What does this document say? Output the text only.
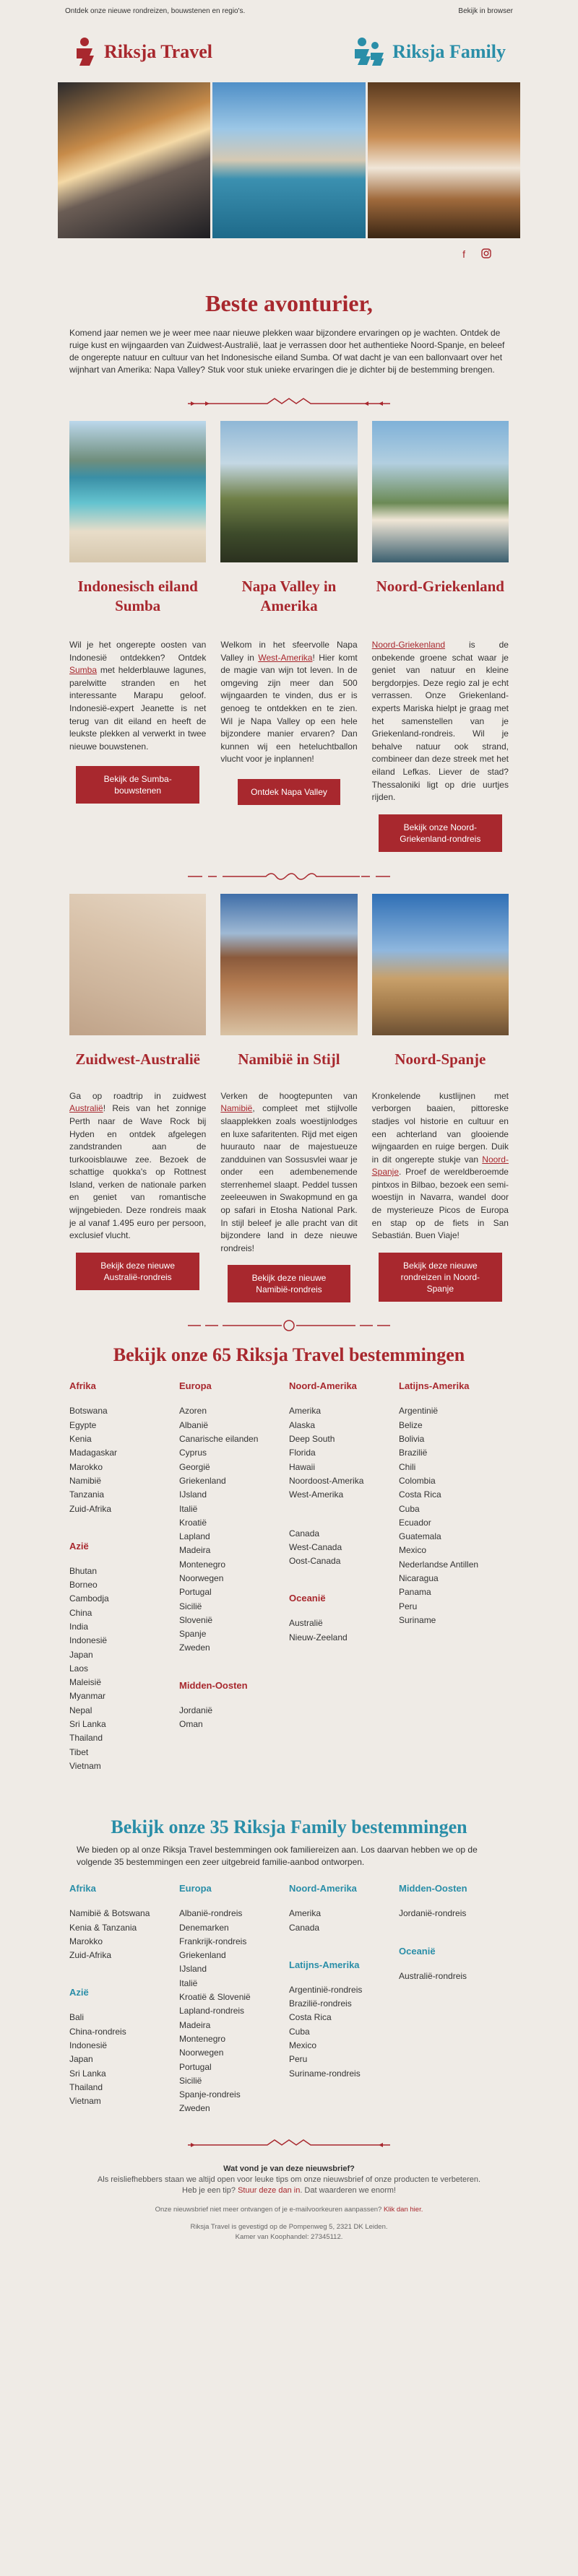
Ontdek onze nieuwe rondreizen, bouwstenen en regio's.	Bekijk in browser
Riksja Travel	Riksja Family
f
Beste avonturier,

Komend jaar nemen we je weer mee naar nieuwe plekken waar bijzondere ervaringen op je wachten. Ontdek de ruige kust en wijngaarden van Zuidwest-Australië, laat je verrassen door het authentieke Noord-Spanje, en beleef de ongerepte natuur en cultuur van het Indonesische eiland Sumba. Of wat dacht je van een ballonvaart over het wijnhart van Amerika: Napa Valley? Stuk voor stuk unieke ervaringen die je dichter bij de bestemming brengen.

Indonesisch eiland Sumba

Wil je het ongerepte oosten van Indonesië ontdekken? Ontdek Sumba met helderblauwe lagunes, parelwitte stranden en het interessante Marapu geloof. Indonesië-expert Jeanette is net terug van dit eiland en heeft de leukste plekken al verwerkt in twee nieuwe bouwstenen.

Bekijk de Sumba-bouwstenen
Napa Valley in Amerika

Welkom in het sfeervolle Napa Valley in West-Amerika! Hier komt de magie van wijn tot leven. In de omgeving zijn meer dan 500 wijngaarden te vinden, dus er is genoeg te ontdekken en te zien. Wil je Napa Valley op een hele bijzondere manier ervaren? Dan kunnen wij een heteluchtballon vlucht voor je inplannen!

Ontdek Napa Valley
Noord-Griekenland

Noord-Griekenland is de onbekende groene schat waar je geniet van natuur en kleine bergdorpjes. Deze regio zal je echt verrassen. Onze Griekenland-experts Mariska hielpt je graag met het samenstellen van je Griekenland-rondreis. Wil je behalve natuur ook strand, combineer dan deze streek met het eiland Lefkas. Liever de stad? Thessaloniki ligt op drie uurtjes rijden.

Bekijk onze Noord-Griekenland-rondreis
Zuidwest-Australië

Ga op roadtrip in zuidwest Australië! Reis van het zonnige Perth naar de Wave Rock bij Hyden en ontdek afgelegen zandstranden aan de turkooisblauwe zee. Bezoek de schattige quokka's op Rottnest Island, verken de nationale parken en geniet van romantische wijngebieden. Deze rondreis maak je al vanaf 1.495 euro per persoon, exclusief vlucht.

Bekijk deze nieuwe Australië-rondreis
Namibië in Stijl

Verken de hoogtepunten van Namibië, compleet met stijlvolle slaapplekken zoals woestijnlodges en luxe safaritenten. Rijd met eigen huurauto naar de majestueuze zandduinen van Sossusvlei waar je onder een adembenemende sterrenhemel slaapt. Peddel tussen zeeleeuwen in Swakopmund en ga op safari in Etosha National Park. In stijl beleef je alle pracht van dit bijzondere land in deze nieuwe rondreis!

Bekijk deze nieuwe Namibië-rondreis
Noord-Spanje

Kronkelende kustlijnen met verborgen baaien, pittoreske stadjes vol historie en cultuur en een achterland van glooiende wijngaarden en ruige bergen. Duik in dit ongerepte stukje van Noord-Spanje. Proef de wereldberoemde pintxos in Bilbao, bezoek een semi-woestijn in Navarra, wandel door de mysterieuze Picos de Europa en stap op de fiets in San Sebastián. Buen Viaje!

Bekijk deze nieuwe rondreizen in Noord-Spanje
Bekijk onze 65 Riksja Travel bestemmingen
Afrika
Botswana
Egypte
Kenia
Madagaskar
Marokko
Namibië
Tanzania
Zuid-Afrika
Azië
Bhutan
Borneo
Cambodja
China
India
Indonesië
Japan
Laos
Maleisië
Myanmar
Nepal
Sri Lanka
Thailand
Tibet
Vietnam
Europa
Azoren
Albanië
Canarische eilanden
Cyprus
Georgië
Griekenland
IJsland
Italië
Kroatië
Lapland
Madeira
Montenegro
Noorwegen
Portugal
Sicilië
Slovenië
Spanje
Zweden
Midden-Oosten
Jordanië
Oman
Noord-Amerika
Amerika
Alaska
Deep South
Florida
Hawaii
Noordoost-Amerika
West-Amerika
Canada
West-Canada
Oost-Canada
Oceanië
Australië
Nieuw-Zeeland
Latijns-Amerika
Argentinië
Belize
Bolivia
Brazilië
Chili
Colombia
Costa Rica
Cuba
Ecuador
Guatemala
Mexico
Nederlandse Antillen
Nicaragua
Panama
Peru
Suriname
Bekijk onze 35 Riksja Family bestemmingen

We bieden op al onze Riksja Travel bestemmingen ook familiereizen aan. Los daarvan hebben we op de volgende 35 bestemmingen een zeer uitgebreid familie-aanbod ontworpen.

Afrika
Namibië & Botswana
Kenia & Tanzania
Marokko
Zuid-Afrika
Azië
Bali
China-rondreis
Indonesië
Japan
Sri Lanka
Thailand
Vietnam
Europa
Albanië-rondreis
Denemarken
Frankrijk-rondreis
Griekenland
IJsland
Italië
Kroatië & Slovenië
Lapland-rondreis
Madeira
Montenegro
Noorwegen
Portugal
Sicilië
Spanje-rondreis
Zweden
Noord-Amerika
Amerika
Canada
Latijns-Amerika
Argentinië-rondreis
Brazilië-rondreis
Costa Rica
Cuba
Mexico
Peru
Suriname-rondreis
Midden-Oosten
Jordanië-rondreis
Oceanië
Australië-rondreis
Wat vond je van deze nieuwsbrief?
Als reisliefhebbers staan we altijd open voor leuke tips om onze nieuwsbrief of onze producten te verbeteren.
Heb je een tip? Stuur deze dan in. Dat waarderen we enorm!
Onze nieuwsbrief niet meer ontvangen of je e-mailvoorkeuren aanpassen? Klik dan hier.
Riksja Travel is gevestigd op de Pompenweg 5, 2321 DK Leiden.
Kamer van Koophandel: 27345112.
